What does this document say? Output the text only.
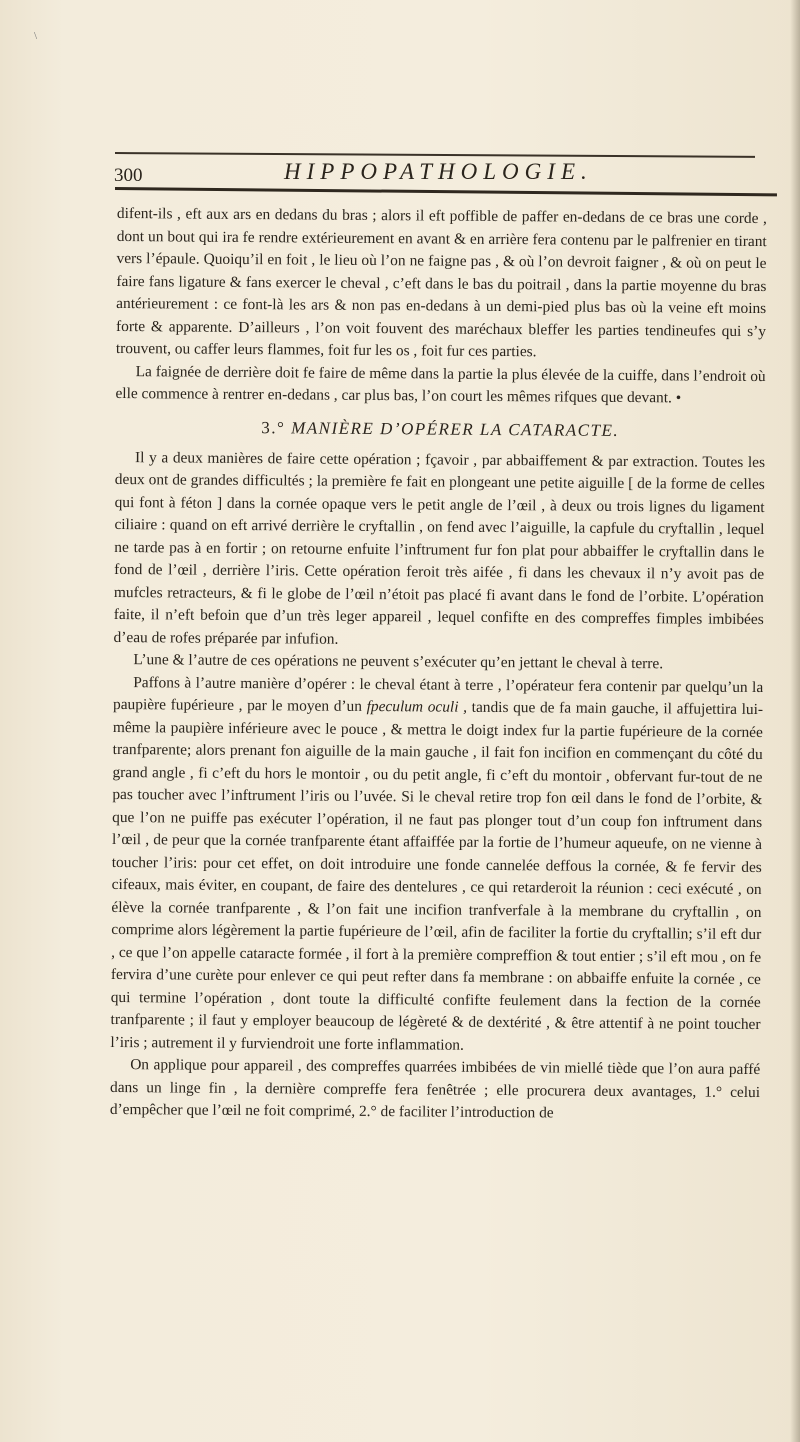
\
300	HIPPOPATHOLOGIE.

difent-ils , eft aux ars en dedans du bras ; alors il eft poffible de paffer en-dedans de ce bras une corde , dont un bout qui ira fe rendre extérieurement en avant & en arrière fera contenu par le palfrenier en tirant vers l’épaule. Quoiqu’il en foit , le lieu où l’on ne faigne pas , & où l’on devroit faigner , & où on peut le faire fans ligature & fans exercer le cheval , c’eft dans le bas du poitrail , dans la partie moyenne du bras antérieurement : ce font-là les ars & non pas en-dedans à un demi-pied plus bas où la veine eft moins forte & apparente. D’ailleurs , l’on voit fouvent des maréchaux bleffer les parties tendineufes qui s’y trouvent, ou caffer leurs flammes, foit fur les os , foit fur ces parties.

La faignée de derrière doit fe faire de même dans la partie la plus élevée de la cuiffe, dans l’endroit où elle commence à rentrer en-dedans , car plus bas, l’on court les mêmes rifques que devant. •

3.° MANIÈRE D’OPÉRER LA CATARACTE.

Il y a deux manières de faire cette opération ; fçavoir , par abbaiffement & par extraction. Toutes les deux ont de grandes difficultés ; la première fe fait en plongeant une petite aiguille [ de la forme de celles qui font à féton ] dans la cornée opaque vers le petit angle de l’œil , à deux ou trois lignes du ligament ciliaire : quand on eft arrivé derrière le cryftallin , on fend avec l’aiguille, la capfule du cryftallin , lequel ne tarde pas à en fortir ; on retourne enfuite l’inftrument fur fon plat pour abbaiffer le cryftallin dans le fond de l’œil , derrière l’iris. Cette opération feroit très aifée , fi dans les chevaux il n’y avoit pas de mufcles retracteurs, & fi le globe de l’œil n’étoit pas placé fi avant dans le fond de l’orbite. L’opération faite, il n’eft befoin que d’un très leger appareil , lequel confifte en des compreffes fimples imbibées d’eau de rofes préparée par infufion.

L’une & l’autre de ces opérations ne peuvent s’exécuter qu’en jettant le cheval à terre.

Paffons à l’autre manière d’opérer : le cheval étant à terre , l’opérateur fera contenir par quelqu’un la paupière fupérieure , par le moyen d’un fpeculum oculi , tandis que de fa main gauche, il affujettira lui-même la paupière inférieure avec le pouce , & mettra le doigt index fur la partie fupérieure de la cornée tranfparente; alors prenant fon aiguille de la main gauche , il fait fon incifion en commençant du côté du grand angle , fi c’eft du hors le montoir , ou du petit angle, fi c’eft du montoir , obfervant fur-tout de ne pas toucher avec l’inftrument l’iris ou l’uvée. Si le cheval retire trop fon œil dans le fond de l’orbite, & que l’on ne puiffe pas exécuter l’opération, il ne faut pas plonger tout d’un coup fon inftrument dans l’œil , de peur que la cornée tranfparente étant affaiffée par la fortie de l’humeur aqueufe, on ne vienne à toucher l’iris: pour cet effet, on doit introduire une fonde cannelée deffous la cornée, & fe fervir des cifeaux, mais éviter, en coupant, de faire des dentelures , ce qui retarderoit la réunion : ceci exécuté , on élève la cornée tranfparente , & l’on fait une incifion tranfverfale à la membrane du cryftallin , on comprime alors légèrement la partie fupérieure de l’œil, afin de faciliter la fortie du cryftallin; s’il eft dur , ce que l’on appelle cataracte formée , il fort à la première compreffion & tout entier ; s’il eft mou , on fe fervira d’une curète pour enlever ce qui peut refter dans fa membrane : on abbaiffe enfuite la cornée , ce qui termine l’opération , dont toute la difficulté confifte feulement dans la fection de la cornée tranfparente ; il faut y employer beaucoup de légèreté & de dextérité , & être attentif à ne point toucher l’iris ; autrement il y furviendroit une forte inflammation.

On applique pour appareil , des compreffes quarrées imbibées de vin miellé tiède que l’on aura paffé dans un linge fin , la dernière compreffe fera fenêtrée ; elle procurera deux avantages, 1.° celui d’empêcher que l’œil ne foit comprimé, 2.° de faciliter l’introduction de
